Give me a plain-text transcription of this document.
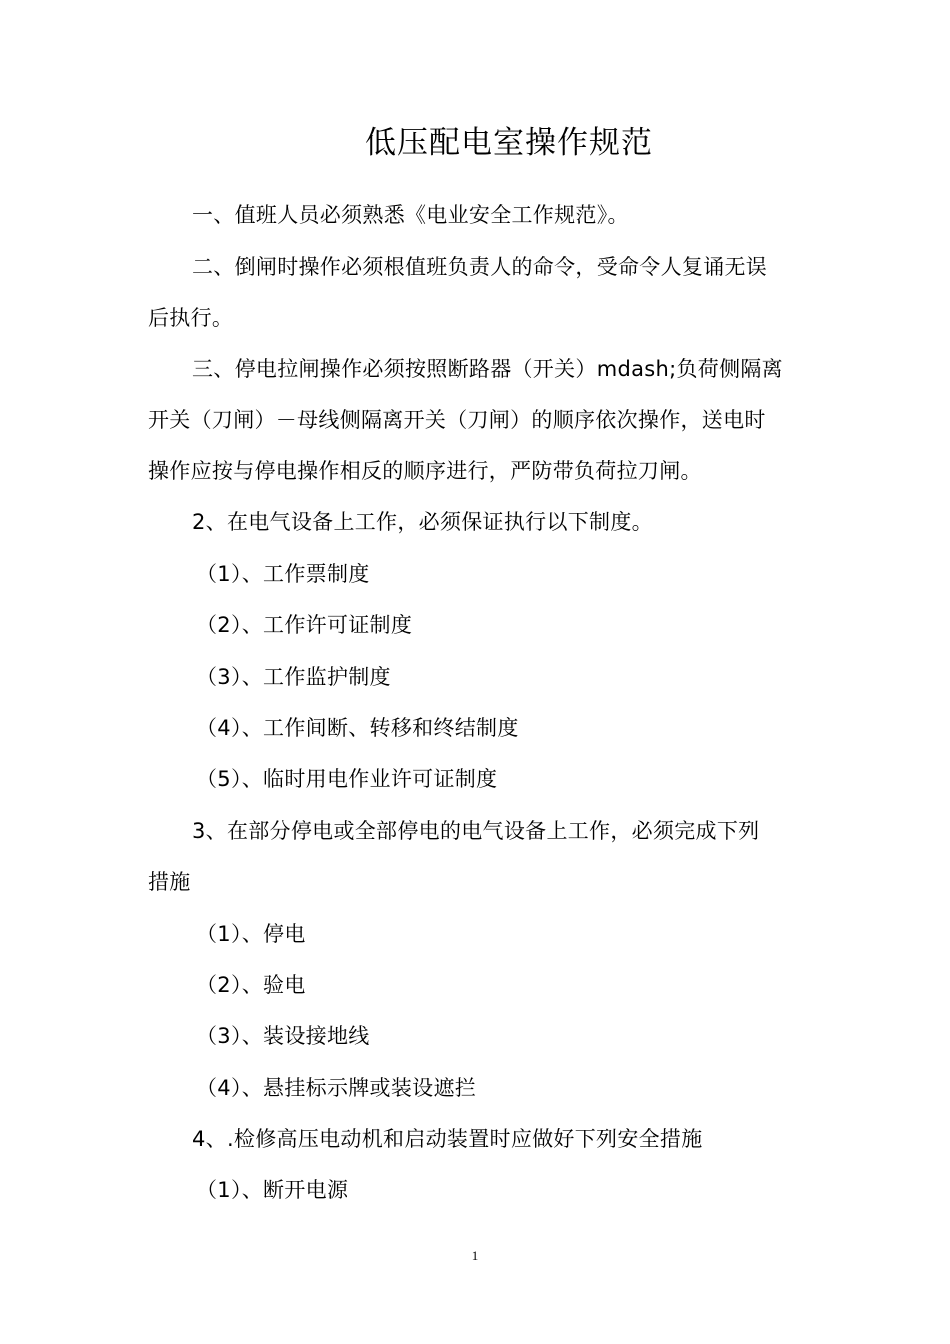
低压配电室操作规范
一、值班人员必须熟悉《电业安全工作规范》。
二、倒闸时操作必须根值班负责人的命令，受命令人复诵无误
后执行。
三、停电拉闸操作必须按照断路器（开关）mdash;负荷侧隔离
开关（刀闸）－母线侧隔离开关（刀闸）的顺序依次操作，送电时
操作应按与停电操作相反的顺序进行，严防带负荷拉刀闸。
2、在电气设备上工作，必须保证执行以下制度。
（1）、工作票制度
（2）、工作许可证制度
（3）、工作监护制度
（4）、工作间断、转移和终结制度
（5）、临时用电作业许可证制度
3、在部分停电或全部停电的电气设备上工作，必须完成下列
措施
（1）、停电
（2）、验电
（3）、装设接地线
（4）、悬挂标示牌或装设遮拦
4、.检修高压电动机和启动装置时应做好下列安全措施
（1）、断开电源
1
